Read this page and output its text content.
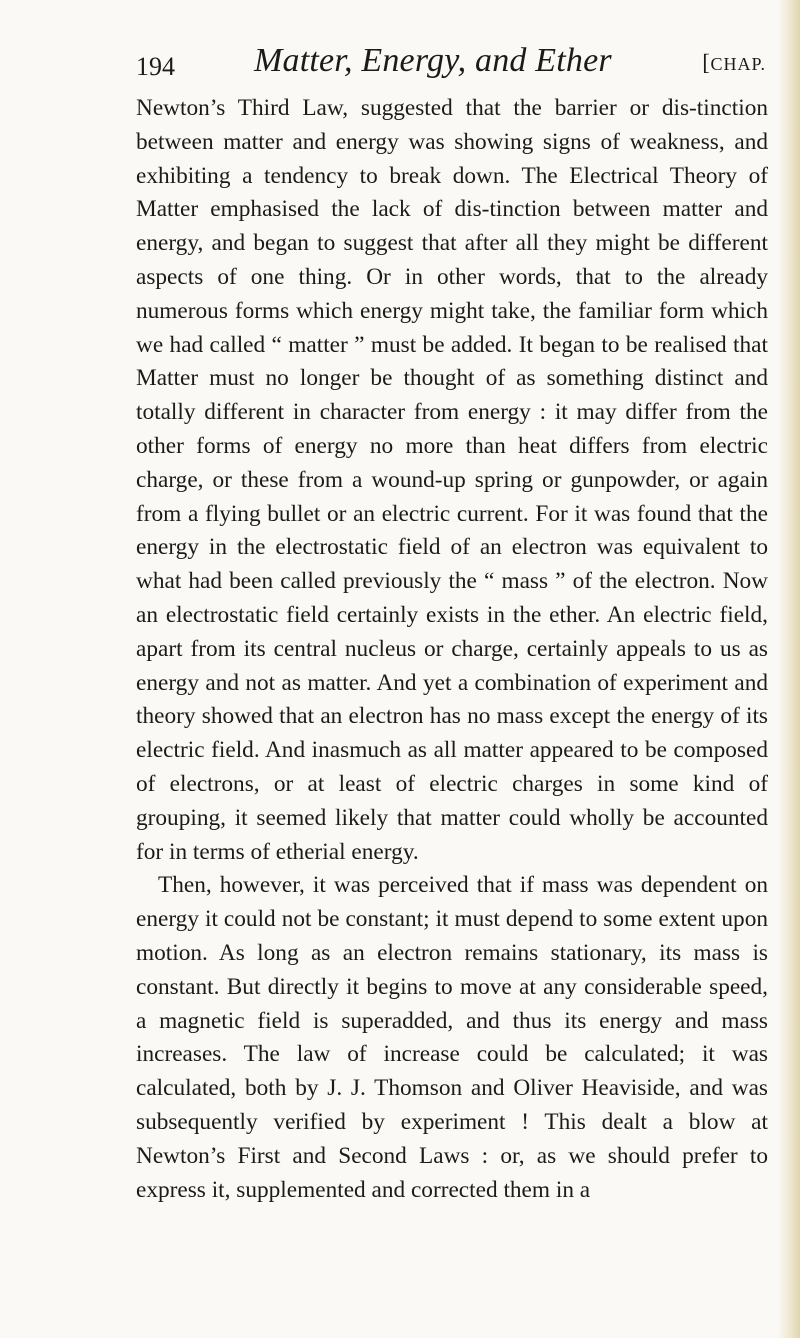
194 Matter, Energy, and Ether	[CHAP.

Newton’s Third Law, suggested that the barrier or dis-tinction between matter and energy was showing signs of weakness, and exhibiting a tendency to break down. The Electrical Theory of Matter emphasised the lack of dis-tinction between matter and energy, and began to suggest that after all they might be different aspects of one thing. Or in other words, that to the already numerous forms which energy might take, the familiar form which we had called “ matter ” must be added. It began to be realised that Matter must no longer be thought of as something distinct and totally different in character from energy : it may differ from the other forms of energy no more than heat differs from electric charge, or these from a wound-up spring or gunpowder, or again from a flying bullet or an electric current. For it was found that the energy in the electrostatic field of an electron was equivalent to what had been called previously the “ mass ” of the electron. Now an electrostatic field certainly exists in the ether. An electric field, apart from its central nucleus or charge, certainly appeals to us as energy and not as matter. And yet a combination of experiment and theory showed that an electron has no mass except the energy of its electric field. And inasmuch as all matter appeared to be composed of electrons, or at least of electric charges in some kind of grouping, it seemed likely that matter could wholly be accounted for in terms of etherial energy.

Then, however, it was perceived that if mass was dependent on energy it could not be constant; it must depend to some extent upon motion. As long as an electron remains stationary, its mass is constant. But directly it begins to move at any considerable speed, a magnetic field is superadded, and thus its energy and mass increases. The law of increase could be calculated; it was calculated, both by J. J. Thomson and Oliver Heaviside, and was subsequently verified by experiment ! This dealt a blow at Newton’s First and Second Laws : or, as we should prefer to express it, supplemented and corrected them in a
